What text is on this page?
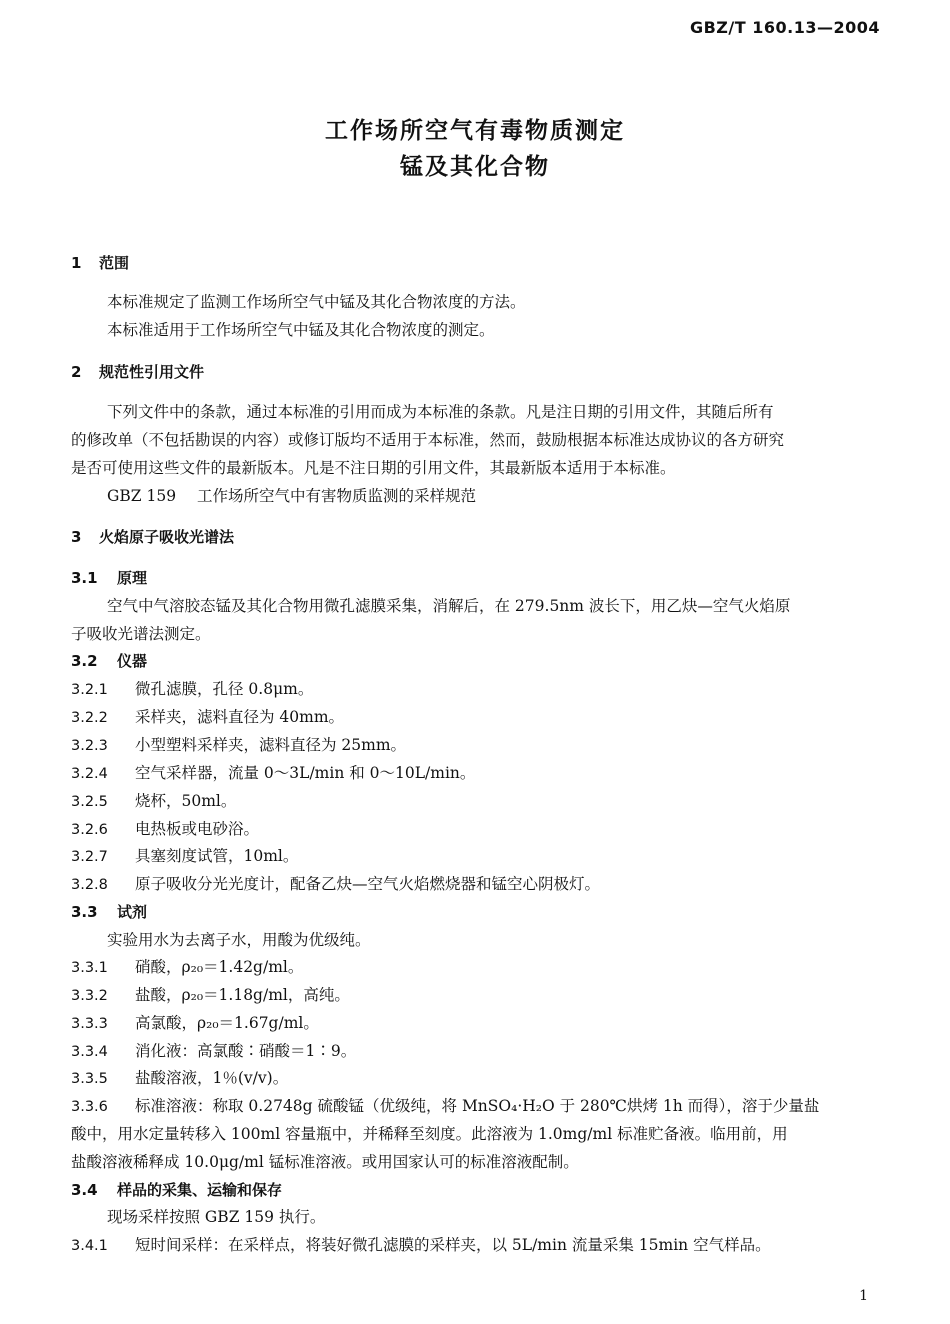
GBZ/T 160.13—2004
工作场所空气有毒物质测定
锰及其化合物
1 范围
本标准规定了监测工作场所空气中锰及其化合物浓度的方法。
本标准适用于工作场所空气中锰及其化合物浓度的测定。
2 规范性引用文件
下列文件中的条款，通过本标准的引用而成为本标准的条款。凡是注日期的引用文件，其随后所有
的修改单（不包括勘误的内容）或修订版均不适用于本标准，然而，鼓励根据本标准达成协议的各方研究
是否可使用这些文件的最新版本。凡是不注日期的引用文件，其最新版本适用于本标准。
GBZ 159 工作场所空气中有害物质监测的采样规范
3 火焰原子吸收光谱法
3.1 原理
空气中气溶胶态锰及其化合物用微孔滤膜采集，消解后，在 279.5nm 波长下，用乙炔—空气火焰原
子吸收光谱法测定。
3.2 仪器
3.2.1 微孔滤膜，孔径 0.8μm。
3.2.2 采样夹，滤料直径为 40mm。
3.2.3 小型塑料采样夹，滤料直径为 25mm。
3.2.4 空气采样器，流量 0～3L/min 和 0～10L/min。
3.2.5 烧杯，50ml。
3.2.6 电热板或电砂浴。
3.2.7 具塞刻度试管，10ml。
3.2.8 原子吸收分光光度计，配备乙炔—空气火焰燃烧器和锰空心阴极灯。
3.3 试剂
实验用水为去离子水，用酸为优级纯。
3.3.1 硝酸，ρ₂₀＝1.42g/ml。
3.3.2 盐酸，ρ₂₀＝1.18g/ml，高纯。
3.3.3 高氯酸，ρ₂₀＝1.67g/ml。
3.3.4 消化液：高氯酸∶硝酸＝1∶9。
3.3.5 盐酸溶液，1％(v/v)。
3.3.6 标准溶液：称取 0.2748g 硫酸锰（优级纯，将 MnSO₄·H₂O 于 280℃烘烤 1h 而得），溶于少量盐
酸中，用水定量转移入 100ml 容量瓶中，并稀释至刻度。此溶液为 1.0mg/ml 标准贮备液。临用前，用
盐酸溶液稀释成 10.0μg/ml 锰标准溶液。或用国家认可的标准溶液配制。
3.4 样品的采集、运输和保存
现场采样按照 GBZ 159 执行。
3.4.1 短时间采样：在采样点，将装好微孔滤膜的采样夹，以 5L/min 流量采集 15min 空气样品。
1
